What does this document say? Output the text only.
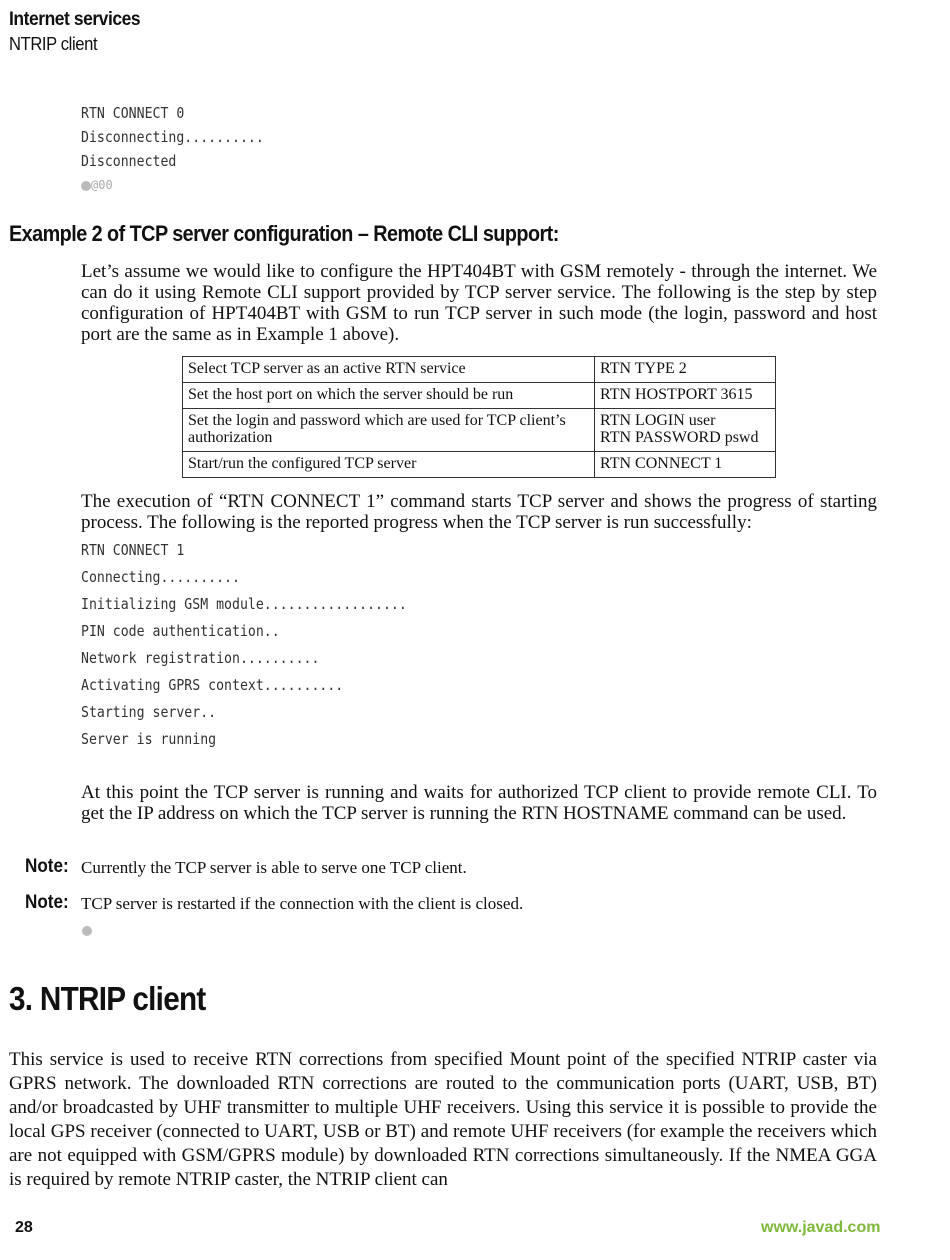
Internet services
NTRIP client
RTN CONNECT 0
Disconnecting..........
Disconnected
@00
Example 2 of TCP server configuration – Remote CLI support:
Let’s assume we would like to configure the HPT404BT with GSM remotely - through the internet. We can do it using Remote CLI support provided by TCP server service. The following is the step by step configuration of HPT404BT with GSM to run TCP server in such mode (the login, password and host port are the same as in Example 1 above).
Select TCP server as an active RTN service	RTN TYPE 2

Set the host port on which the server should be run	RTN HOSTPORT 3615

Set the login and password which are used for TCP client’s authorization	RTN LOGIN user
RTN PASSWORD pswd

Start/run the configured TCP server	RTN CONNECT 1
The execution of “RTN CONNECT 1” command starts TCP server and shows the progress of starting process. The following is the reported progress when the TCP server is run successfully:
RTN CONNECT 1
Connecting..........
Initializing GSM module..................
PIN code authentication..
Network registration..........
Activating GPRS context..........
Starting server..
Server is running
At this point the TCP server is running and waits for authorized TCP client to provide remote CLI. To get the IP address on which the TCP server is running the RTN HOSTNAME command can be used.
Note: Currently the TCP server is able to serve one TCP client.
Note: TCP server is restarted if the connection with the client is closed.
3. NTRIP client
This service is used to receive RTN corrections from specified Mount point of the specified NTRIP caster via GPRS network. The downloaded RTN corrections are routed to the communication ports (UART, USB, BT) and/or broadcasted by UHF transmitter to multiple UHF receivers. Using this service it is possible to provide the local GPS receiver (connected to UART, USB or BT) and remote UHF receivers (for example the receivers which are not equipped with GSM/GPRS module) by downloaded RTN corrections simultaneously. If the NMEA GGA is required by remote NTRIP caster, the NTRIP client can
28	www.javad.com
